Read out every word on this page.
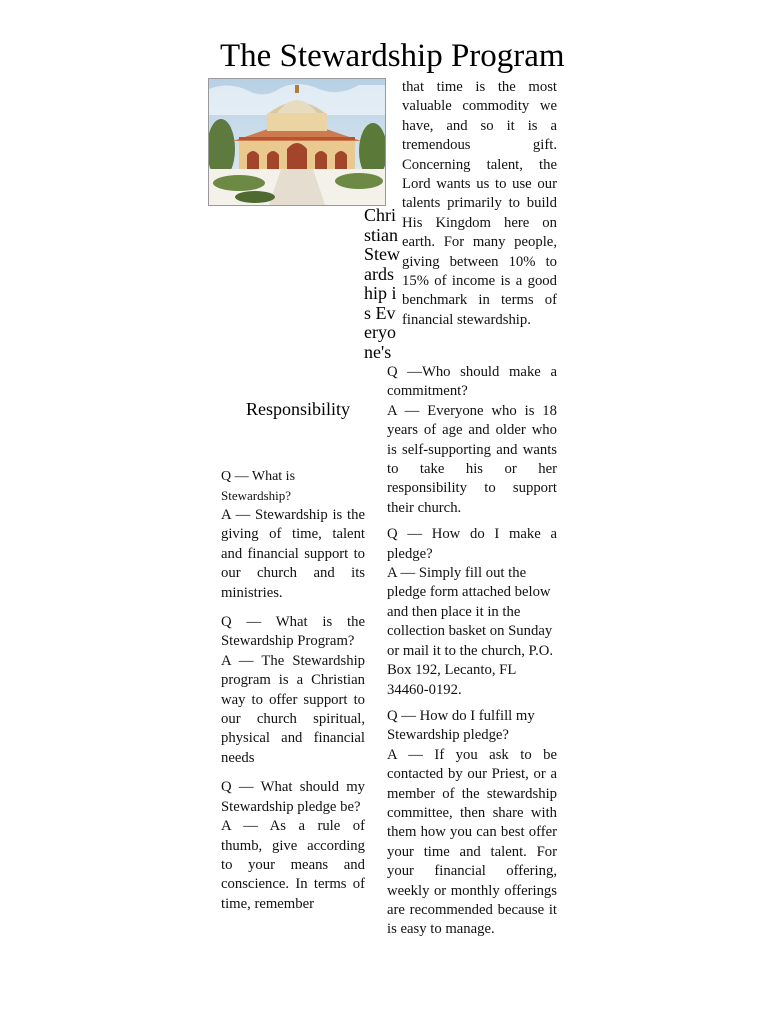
The Stewardship Program
Christian Stewardship is Everyone's
Responsibility

that time is the most valuable commodity we have, and so it is a tremendous gift. Concerning talent, the Lord wants us to use our talents primarily to build His Kingdom here on earth. For many people, giving between 10% to 15% of income is a good benchmark in terms of financial stewardship.

Q —Who should make a commitment?

A — Everyone who is 18 years of age and older who is self-supporting and wants to take his or her responsibility to support their church.

Q — How do I make a pledge?

A — Simply fill out the pledge form attached below and then place it in the collection basket on Sunday or mail it to the church, P.O. Box 192, Lecanto, FL 34460-0192.

Q — How do I fulfill my Stewardship pledge?

A — If you ask to be contacted by our Priest, or a member of the stewardship committee, then share with them how you can best offer your time and talent. For your financial offering, weekly or monthly offerings are recommended because it is easy to manage.

Q — What is
Stewardship?

A — Stewardship is the giving of time, talent and financial support to our church and its ministries.

Q — What is the Stewardship Program?

A — The Stewardship program is a Christian way to offer support to our church spiritual, physical and financial needs

Q — What should my Stewardship pledge be?

A — As a rule of thumb, give according to your means and conscience. In terms of time, remember
